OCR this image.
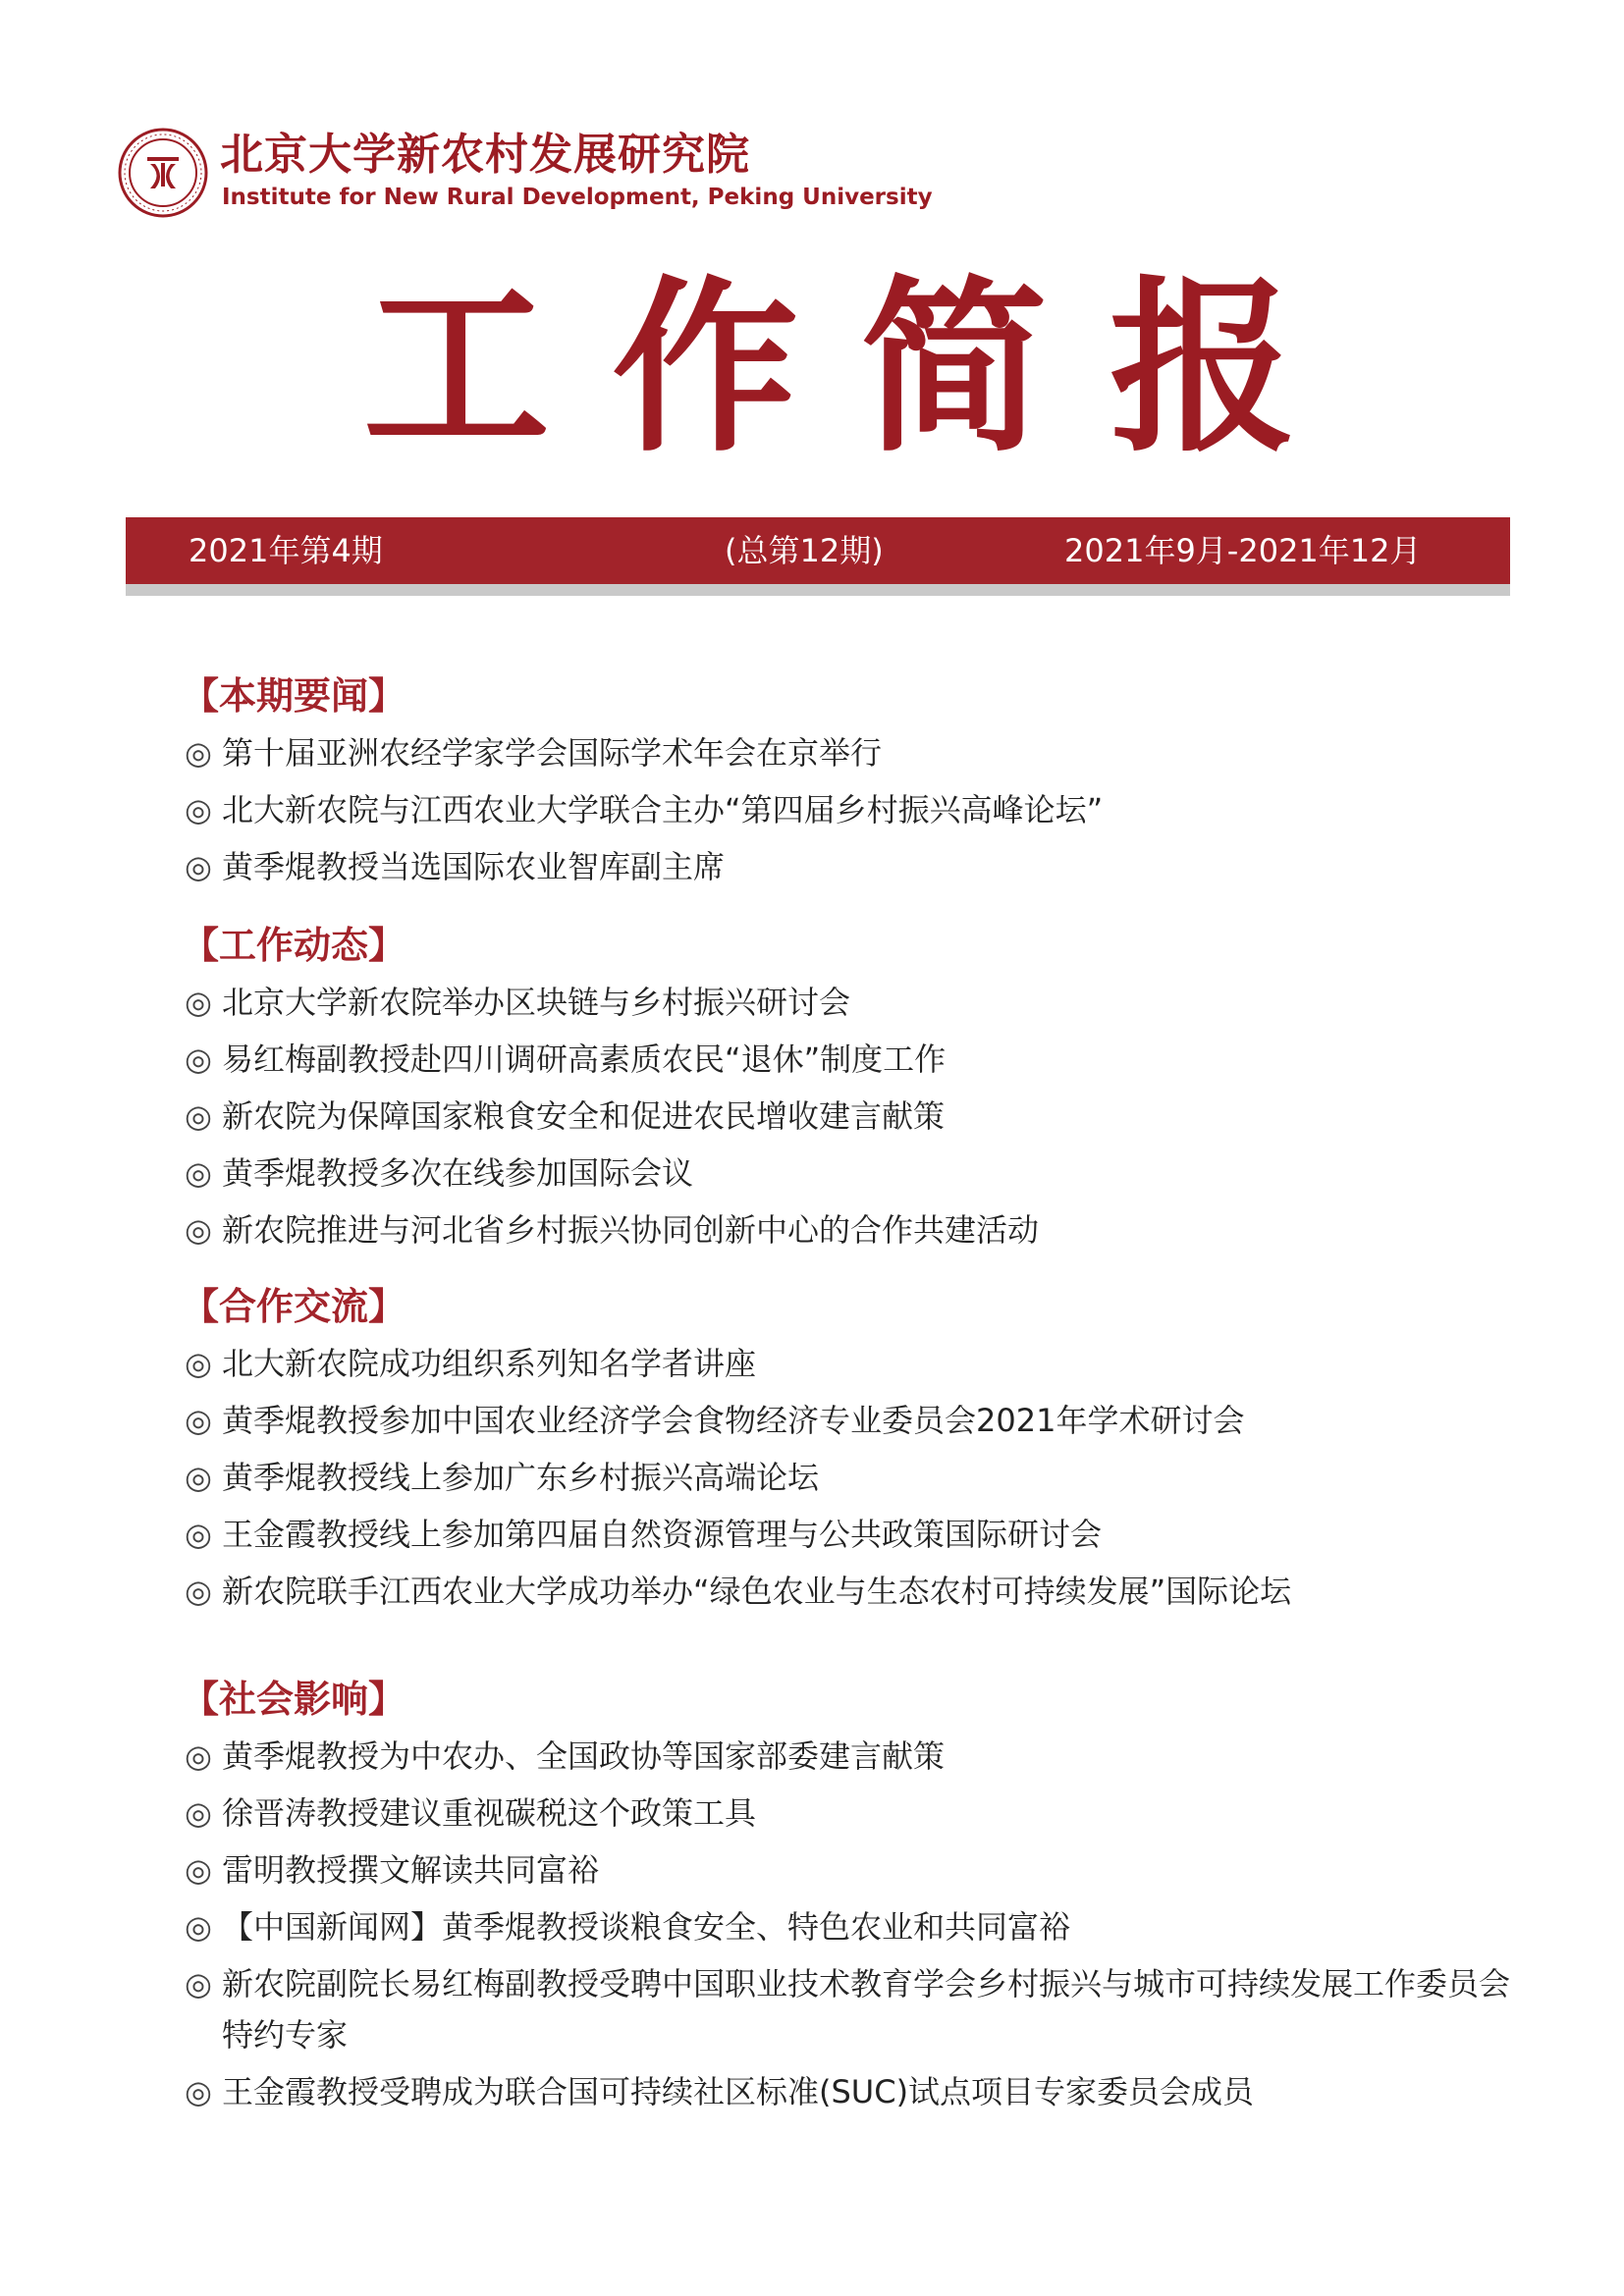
北京大学新农村发展研究院
Institute for New Rural Development, Peking University
工 作 简 报
2021年第4期	(总第12期)	2021年9月-2021年12月
【本期要闻】
◎ 第十届亚洲农经学家学会国际学术年会在京举行
◎ 北大新农院与江西农业大学联合主办“第四届乡村振兴高峰论坛”
◎ 黄季焜教授当选国际农业智库副主席
【工作动态】
◎ 北京大学新农院举办区块链与乡村振兴研讨会
◎ 易红梅副教授赴四川调研高素质农民“退休”制度工作
◎ 新农院为保障国家粮食安全和促进农民增收建言献策
◎ 黄季焜教授多次在线参加国际会议
◎ 新农院推进与河北省乡村振兴协同创新中心的合作共建活动
【合作交流】
◎ 北大新农院成功组织系列知名学者讲座
◎ 黄季焜教授参加中国农业经济学会食物经济专业委员会2021年学术研讨会
◎ 黄季焜教授线上参加广东乡村振兴高端论坛
◎ 王金霞教授线上参加第四届自然资源管理与公共政策国际研讨会
◎ 新农院联手江西农业大学成功举办“绿色农业与生态农村可持续发展”国际论坛
【社会影响】
◎ 黄季焜教授为中农办、全国政协等国家部委建言献策
◎ 徐晋涛教授建议重视碳税这个政策工具
◎ 雷明教授撰文解读共同富裕
◎ 【中国新闻网】黄季焜教授谈粮食安全、特色农业和共同富裕
◎ 新农院副院长易红梅副教授受聘中国职业技术教育学会乡村振兴与城市可持续发展工作委员会特约专家
◎ 王金霞教授受聘成为联合国可持续社区标准(SUC)试点项目专家委员会成员
